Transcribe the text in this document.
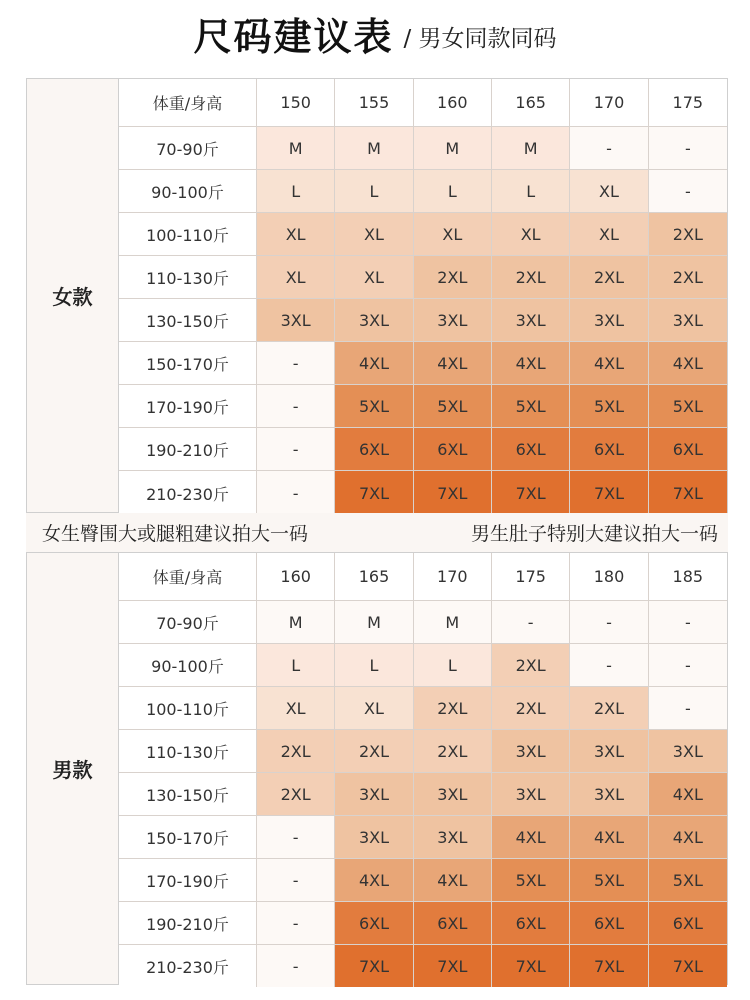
尺码建议表 / 男女同款同码
女款
体重/身高	150	155	160	165	170	175
70-90斤	M	M	M	M	-	-
90-100斤	L	L	L	L	XL	-
100-110斤	XL	XL	XL	XL	XL	2XL
110-130斤	XL	XL	2XL	2XL	2XL	2XL
130-150斤	3XL	3XL	3XL	3XL	3XL	3XL
150-170斤	-	4XL	4XL	4XL	4XL	4XL
170-190斤	-	5XL	5XL	5XL	5XL	5XL
190-210斤	-	6XL	6XL	6XL	6XL	6XL
210-230斤	-	7XL	7XL	7XL	7XL	7XL
女生臀围大或腿粗建议拍大一码	男生肚子特别大建议拍大一码
男款
体重/身高	160	165	170	175	180	185
70-90斤	M	M	M	-	-	-
90-100斤	L	L	L	2XL	-	-
100-110斤	XL	XL	2XL	2XL	2XL	-
110-130斤	2XL	2XL	2XL	3XL	3XL	3XL
130-150斤	2XL	3XL	3XL	3XL	3XL	4XL
150-170斤	-	3XL	3XL	4XL	4XL	4XL
170-190斤	-	4XL	4XL	5XL	5XL	5XL
190-210斤	-	6XL	6XL	6XL	6XL	6XL
210-230斤	-	7XL	7XL	7XL	7XL	7XL
